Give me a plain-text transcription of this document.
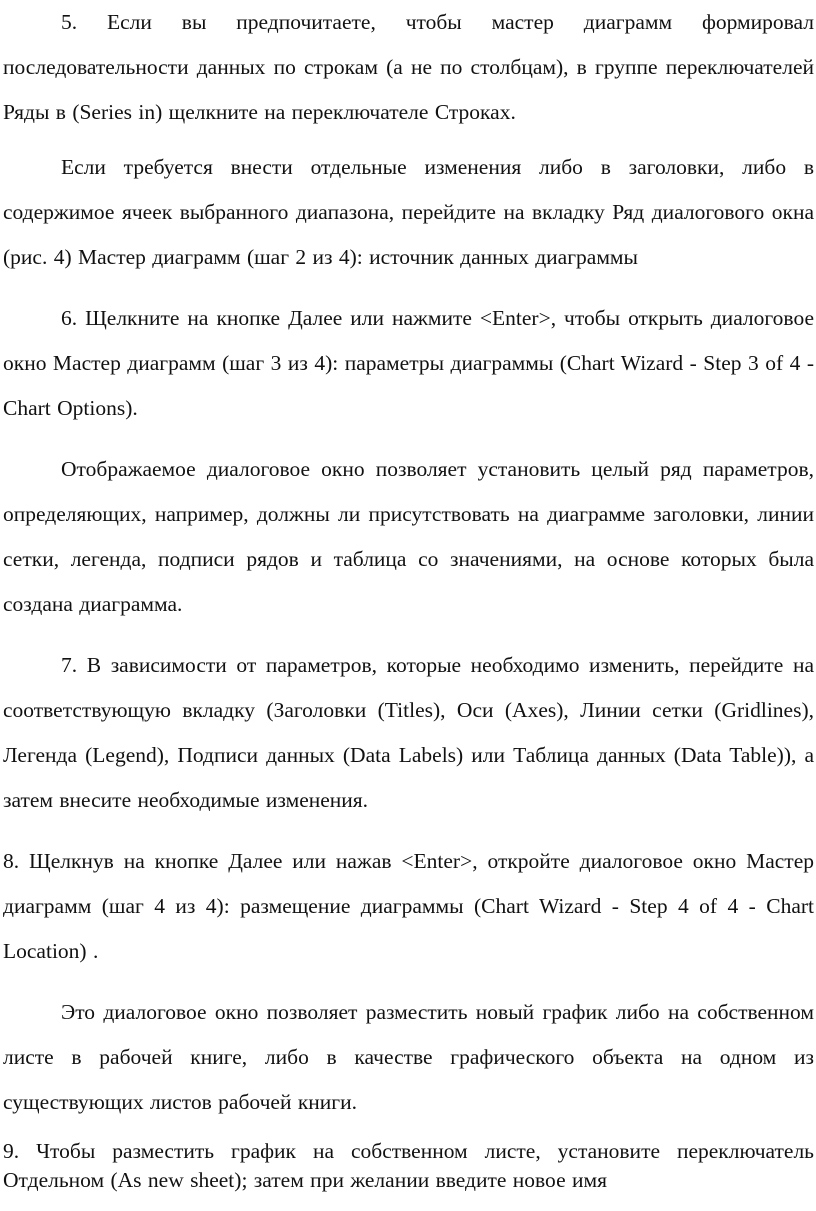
5. Если вы предпочитаете, чтобы мастер диаграмм формировал последовательности данных по строкам (а не по столбцам), в группе переключателей Ряды в (Series in) щелкните на переключателе Строках.

Если требуется внести отдельные изменения либо в заголовки, либо в содержимое ячеек выбранного диапазона, перейдите на вкладку Ряд диалогового окна (рис. 4) Мастер диаграмм (шаг 2 из 4): источник данных диаграммы

6. Щелкните на кнопке Далее или нажмите <Enter>, чтобы открыть диалоговое окно Мастер диаграмм (шаг 3 из 4): параметры диаграммы (Chart Wizard - Step 3 of 4 - Chart Options).

Отображаемое диалоговое окно позволяет установить целый ряд параметров, определяющих, например, должны ли присутствовать на диаграмме заголовки, линии сетки, легенда, подписи рядов и таблица со значениями, на основе которых была создана диаграмма.

7. В зависимости от параметров, которые необходимо изменить, перейдите на соответствующую вкладку (Заголовки (Titles), Оси (Axes), Линии сетки (Gridlines), Легенда (Legend), Подписи данных (Data Labels) или Таблица данных (Data Table)), а затем внесите необходимые изменения.

8. Щелкнув на кнопке Далее или нажав <Enter>, откройте диалоговое окно Мастер диаграмм (шаг 4 из 4): размещение диаграммы (Chart Wizard - Step 4 of 4 - Chart Location) .

Это диалоговое окно позволяет разместить новый график либо на собственном листе в рабочей книге, либо в качестве графического объекта на одном из существующих листов рабочей книги.

9. Чтобы разместить график на собственном листе, установите переключатель Отдельном (As new sheet); затем при желании введите новое имя
